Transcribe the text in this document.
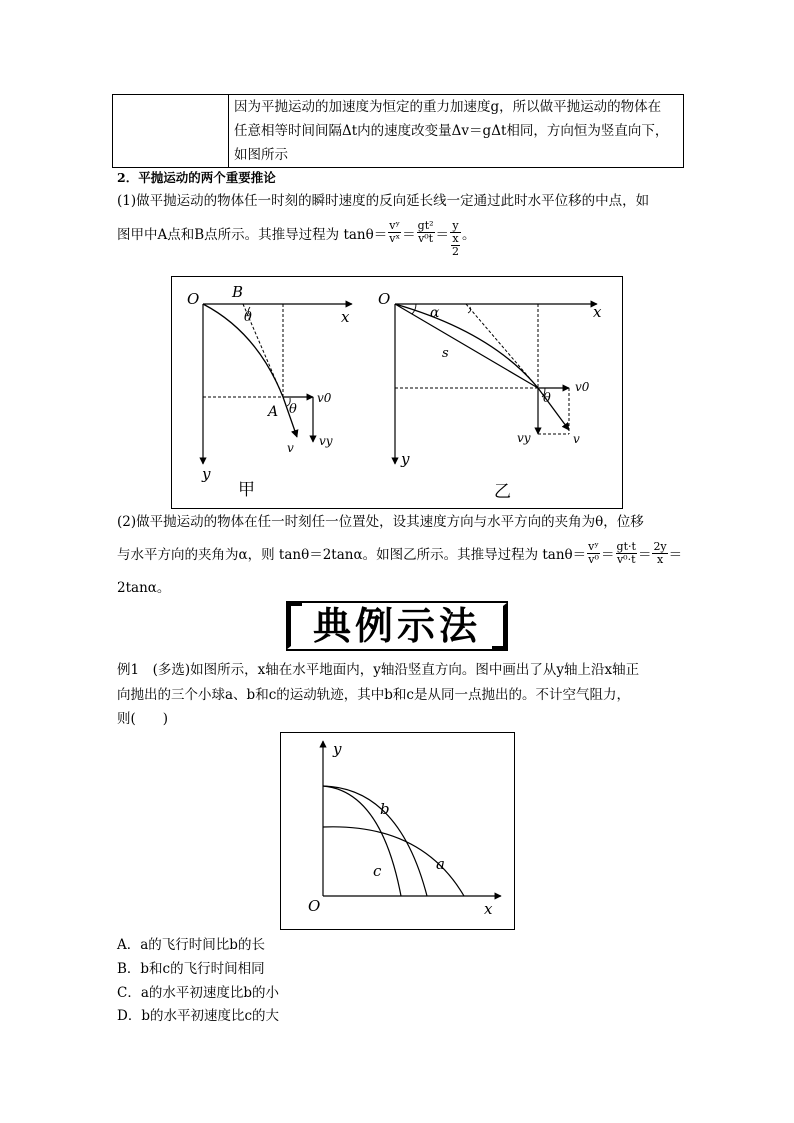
因为平抛运动的加速度为恒定的重力加速度g，所以做平抛运动的物体在
任意相等时间间隔Δt内的速度改变量Δv＝gΔt相同，方向恒为竖直向下，
如图所示
2．平抛运动的两个重要推论
(1)做平抛运动的物体任一时刻的瞬时速度的反向延长线一定通过此时水平位移的中点，如
图甲中A点和B点所示。其推导过程为 $\tan\theta= \frac{\text{vʸ}}{\text{vˣ}} = \frac{\text{gt²}}{\text{v⁰t}} = \frac{y}{\frac{x}{2}}$ 。
O B
x
y
θ
A θ
v0
vy
v
甲
O
α	x
y
s
θ
v0
vy	v
乙
(2)做平抛运动的物体在任一时刻任一位置处，设其速度方向与水平方向的夹角为θ，位移
与水平方向的夹角为α，则 tanθ＝2tanα。如图乙所示。其推导过程为 $\tan\theta= \frac{\text{vʸ}}{\text{v⁰}} = \frac{gt\cdot t}{\text{v⁰·t}} = \frac{2y}{x}$ ＝
2tanα。
典例示法
例1　(多选)如图所示，x轴在水平地面内，y轴沿竖直方向。图中画出了从y轴上沿x轴正
向抛出的三个小球a、b和c的运动轨迹，其中b和c是从同一点抛出的。不计空气阻力，
则(　　)
O	x
y
a
b
c
A．a的飞行时间比b的长
B．b和c的飞行时间相同
C．a的水平初速度比b的小
D．b的水平初速度比c的大
